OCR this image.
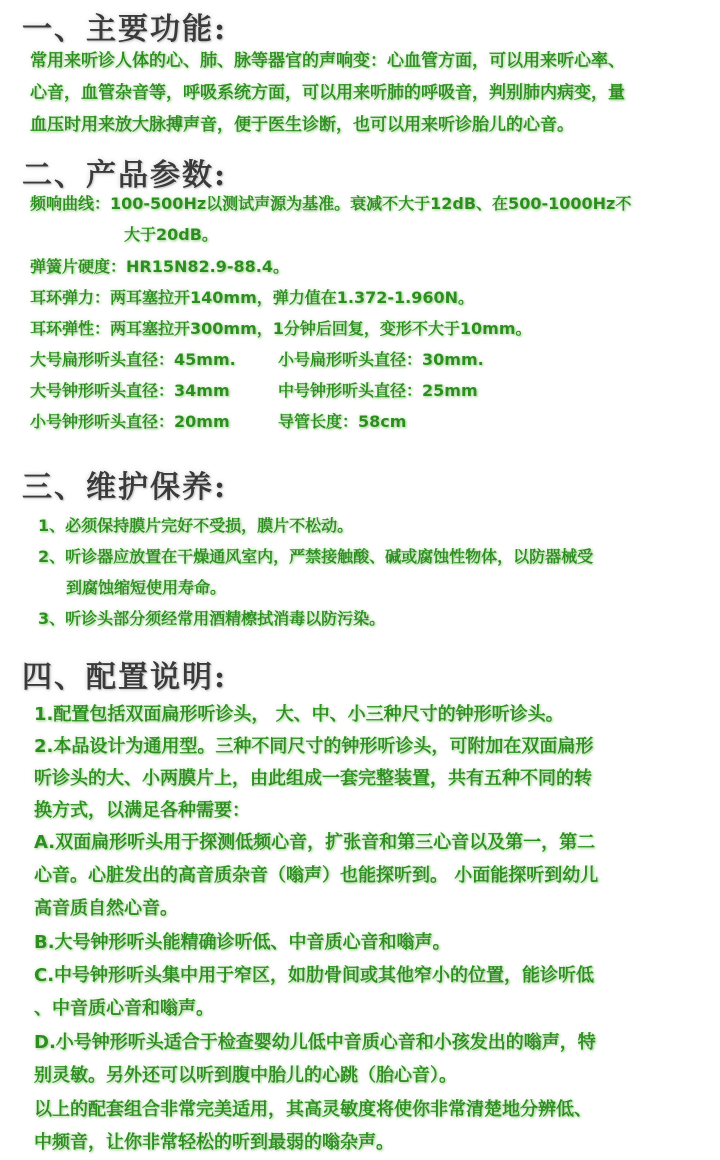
一、主要功能:
常用来听诊人体的心、肺、脉等器官的声响变：心血管方面，可以用来听心率、
心音，血管杂音等，呼吸系统方面，可以用来听肺的呼吸音，判别肺内病变，量
血压时用来放大脉搏声音，便于医生诊断，也可以用来听诊胎儿的心音。
二、产品参数:
频响曲线：100-500Hz以测试声源为基准。衰减不大于12dB、在500-1000Hz不
大于20dB。
弹簧片硬度：HR15N82.9-88.4。
耳环弹力：两耳塞拉开140mm，弹力值在1.372-1.960N。
耳环弹性：两耳塞拉开300mm，1分钟后回复，变形不大于10mm。
大号扁形听头直径：45mm.	小号扁形听头直径：30mm.
大号钟形听头直径：34mm	中号钟形听头直径：25mm
小号钟形听头直径：20mm	导管长度：58cm
三、维护保养:
1、必须保持膜片完好不受损，膜片不松动。
2、听诊器应放置在干燥通风室内，严禁接触酸、碱或腐蚀性物体，以防器械受
到腐蚀缩短使用寿命。
3、听诊头部分须经常用酒精檫拭消毒以防污染。
四、配置说明:
1.配置包括双面扁形听诊头， 大、中、小三种尺寸的钟形听诊头。
2.本品设计为通用型。三种不同尺寸的钟形听诊头，可附加在双面扁形
听诊头的大、小两膜片上，由此组成一套完整装置，共有五种不同的转
换方式，以满足各种需要：
A.双面扁形听头用于探测低频心音，扩张音和第三心音以及第一，第二
心音。心脏发出的高音质杂音（嗡声）也能探听到。 小面能探听到幼儿
高音质自然心音。
B.大号钟形听头能精确诊听低、中音质心音和嗡声。
C.中号钟形听头集中用于窄区，如肋骨间或其他窄小的位置，能诊听低
、中音质心音和嗡声。
D.小号钟形听头适合于检查婴幼儿低中音质心音和小孩发出的嗡声，特
别灵敏。另外还可以听到腹中胎儿的心跳（胎心音）。
以上的配套组合非常完美适用，其高灵敏度将使你非常清楚地分辨低、
中频音，让你非常轻松的听到最弱的嗡杂声。
